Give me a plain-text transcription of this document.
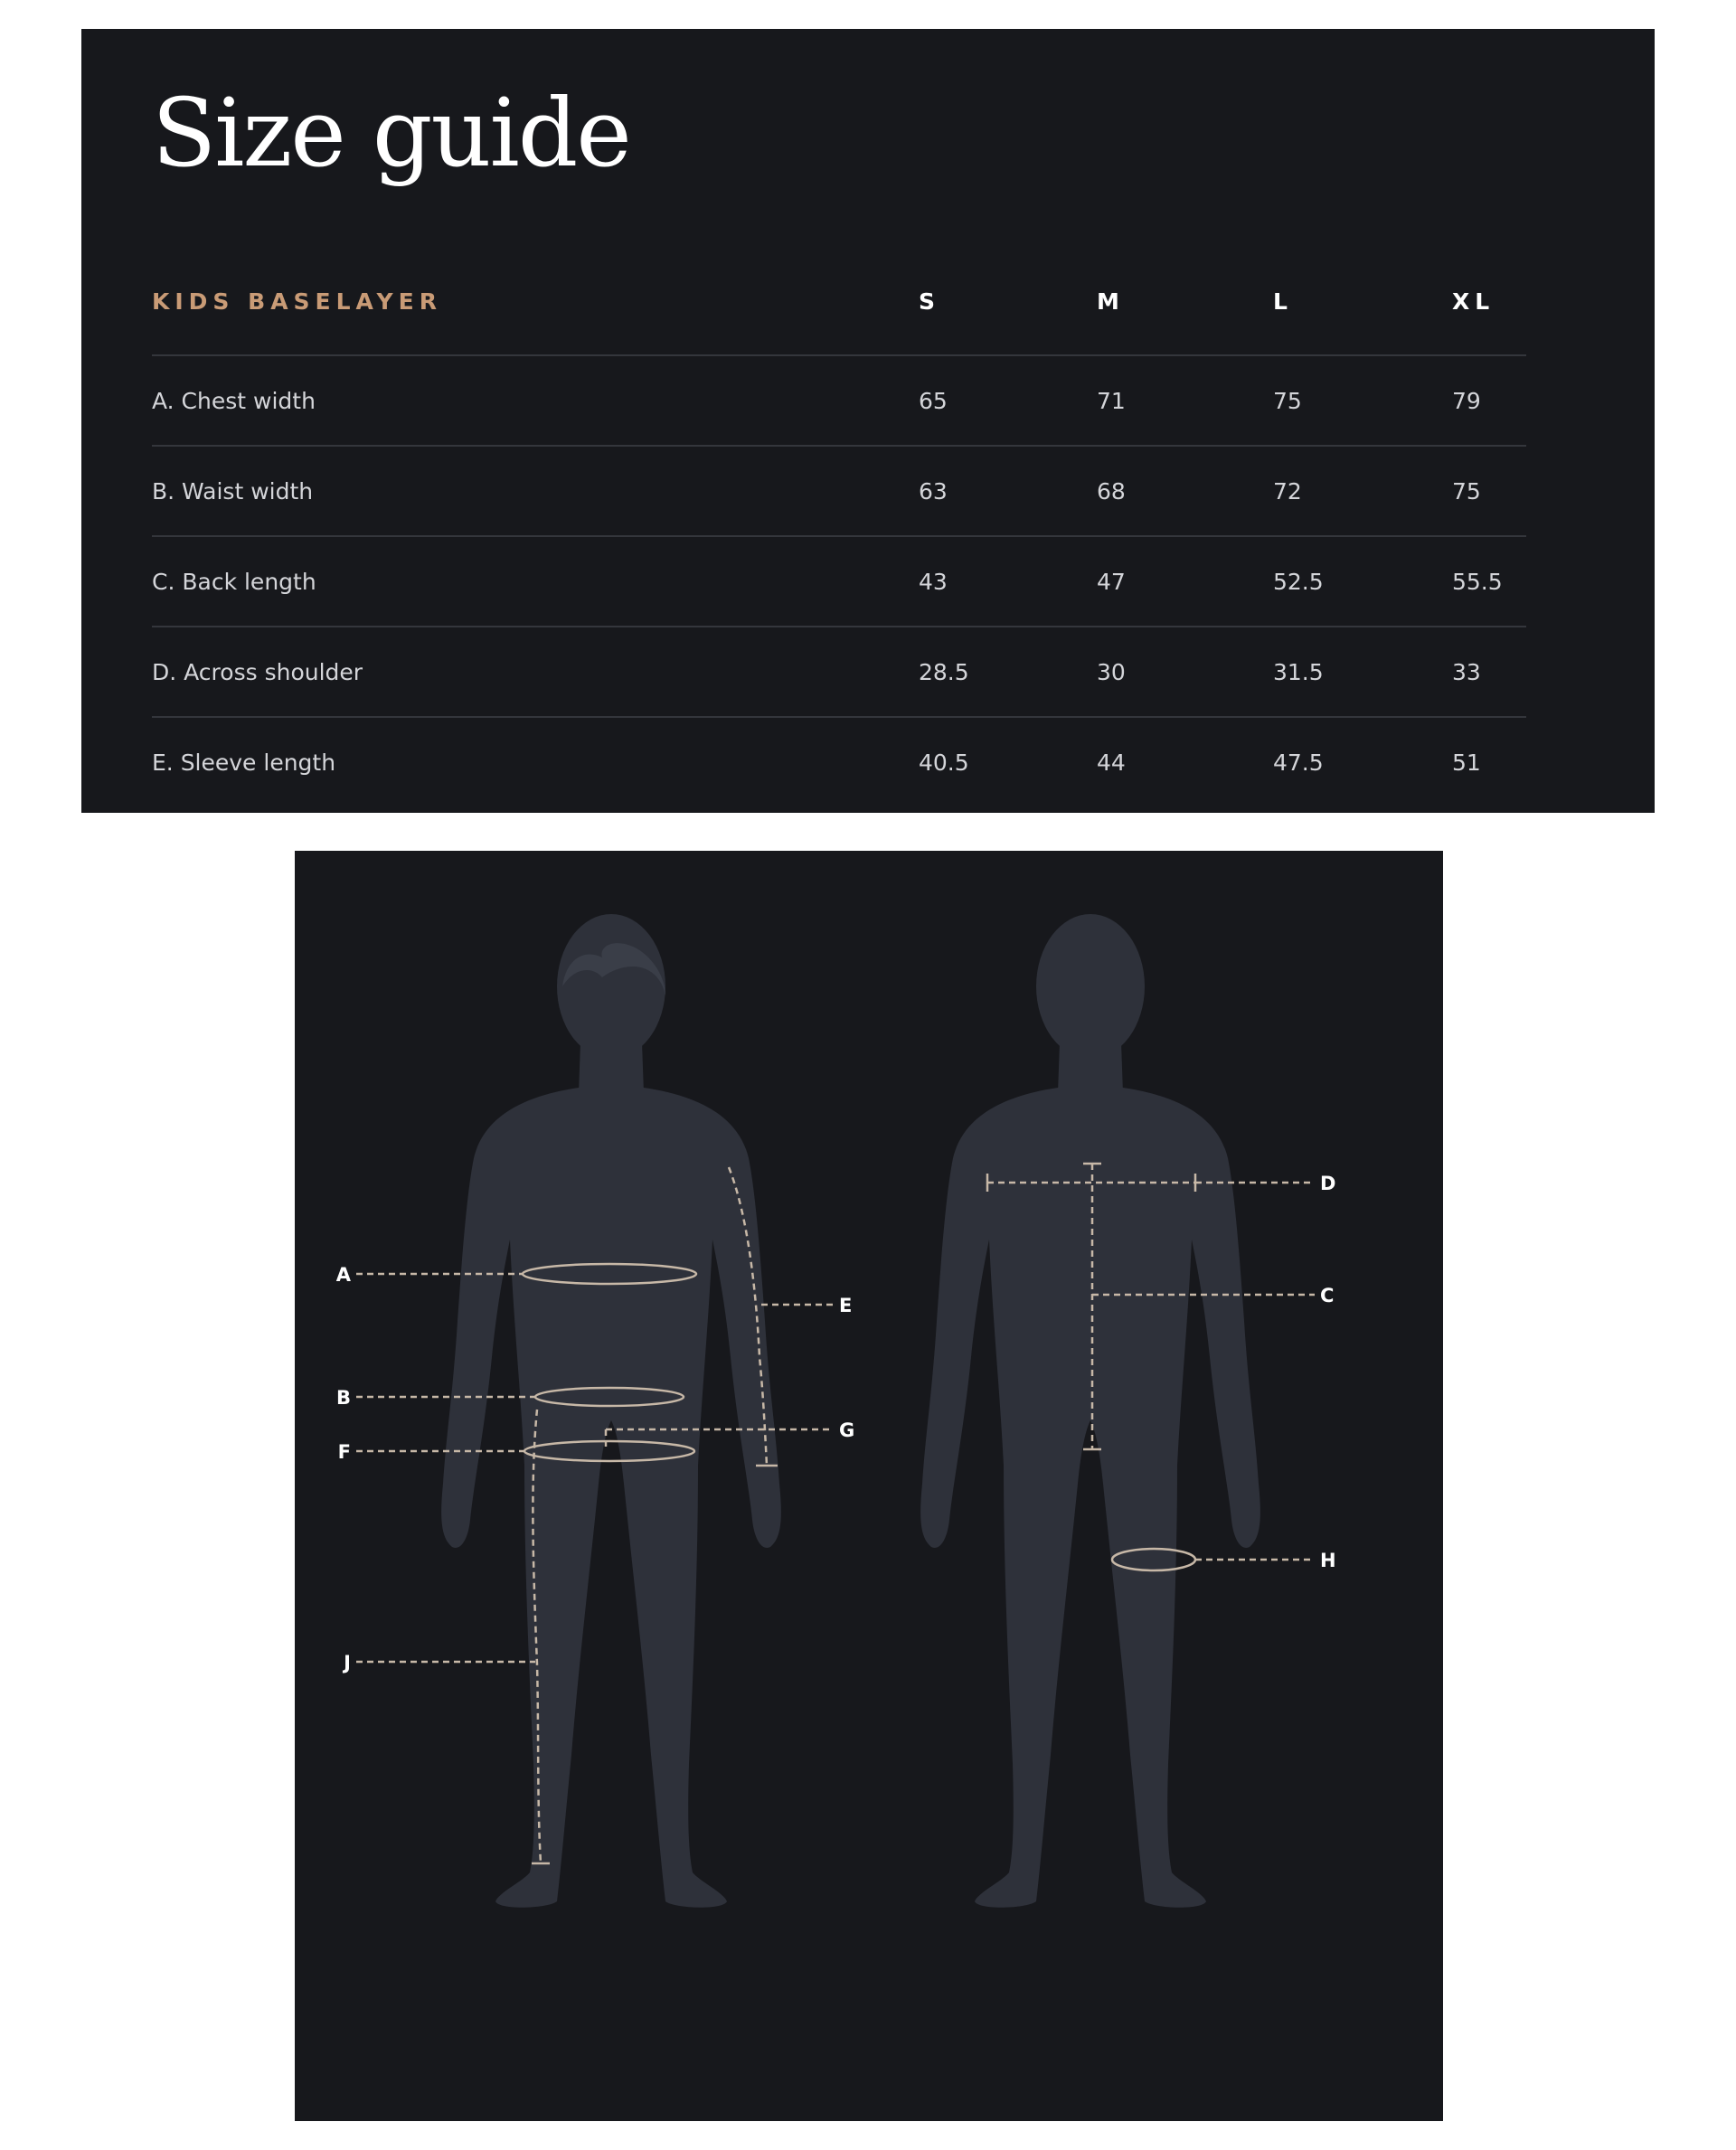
Size guide
KIDS BASELAYER	S	M	L	XL
A. Chest width	65	71	75	79
B. Waist width	63	68	72	75
C. Back length	43	47	52.5	55.5
D. Across shoulder	28.5	30	31.5	33
E. Sleeve length	40.5	44	47.5	51
A
B
F
J
E
G
D
C
H
